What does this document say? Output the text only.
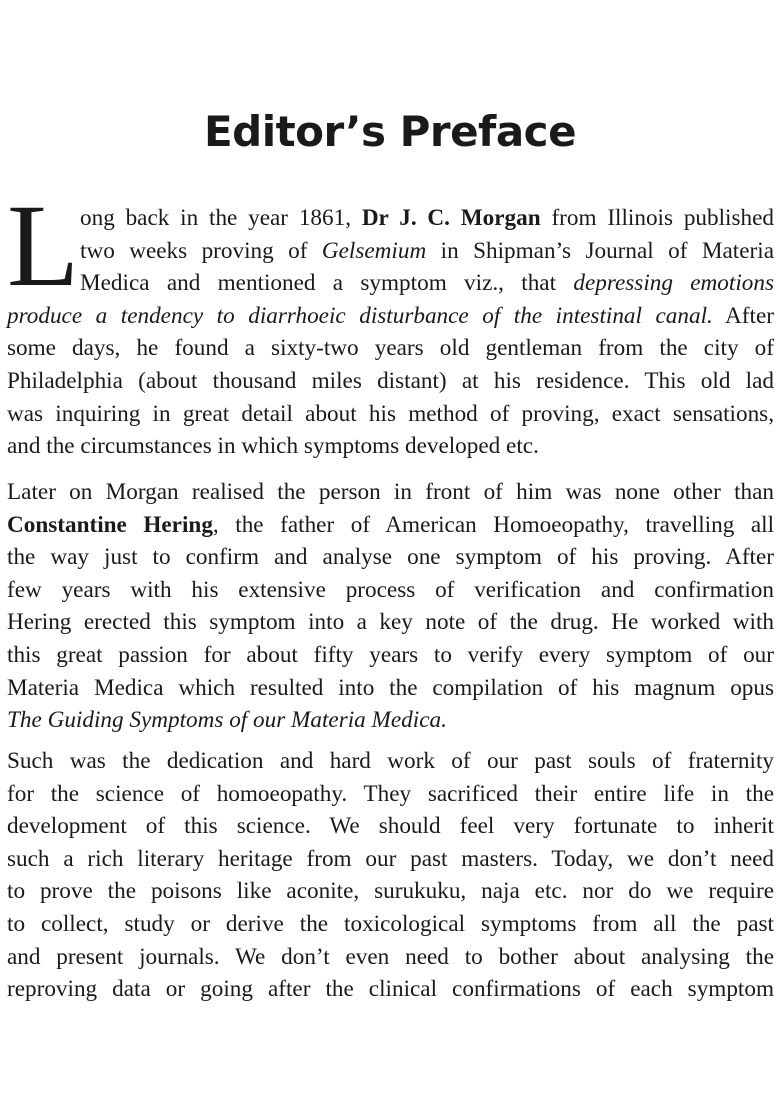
Editor’s Preface
L ong back in the year 1861, Dr J. C. Morgan from Illinois published
two weeks proving of Gelsemium in Shipman’s Journal of Materia
Medica and mentioned a symptom viz., that depressing emotions
produce a tendency to diarrhoeic disturbance of the intestinal canal. After
some days, he found a sixty-two years old gentleman from the city of
Philadelphia (about thousand miles distant) at his residence. This old lad
was inquiring in great detail about his method of proving, exact sensations,
and the circumstances in which symptoms developed etc.
Later on Morgan realised the person in front of him was none other than
Constantine Hering, the father of American Homoeopathy, travelling all
the way just to confirm and analyse one symptom of his proving. After
few years with his extensive process of verification and confirmation
Hering erected this symptom into a key note of the drug. He worked with
this great passion for about fifty years to verify every symptom of our
Materia Medica which resulted into the compilation of his magnum opus
The Guiding Symptoms of our Materia Medica.
Such was the dedication and hard work of our past souls of fraternity
for the science of homoeopathy. They sacrificed their entire life in the
development of this science. We should feel very fortunate to inherit
such a rich literary heritage from our past masters. Today, we don’t need
to prove the poisons like aconite, surukuku, naja etc. nor do we require
to collect, study or derive the toxicological symptoms from all the past
and present journals. We don’t even need to bother about analysing the
reproving data or going after the clinical confirmations of each symptom
